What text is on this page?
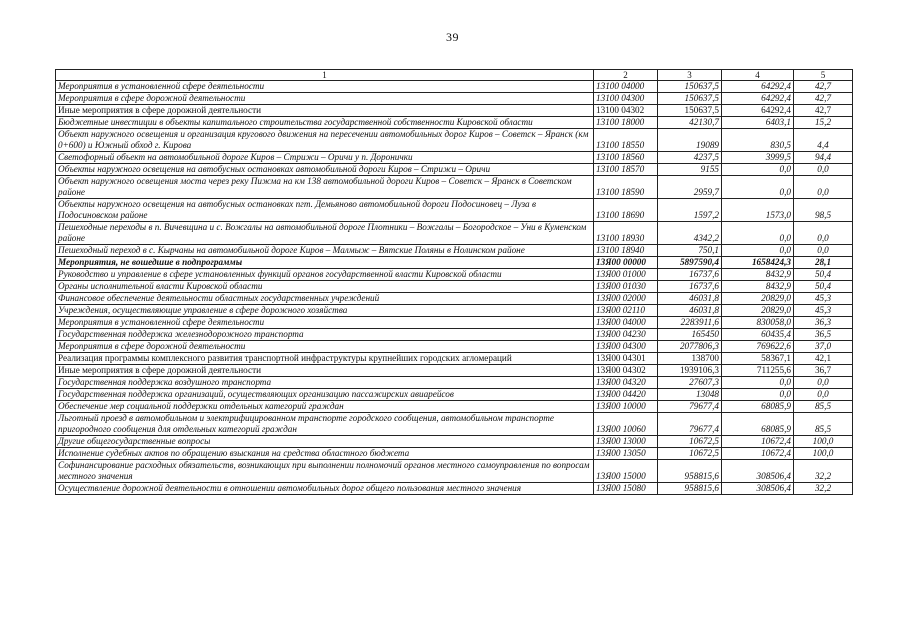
39
1	2	3	4	5
Мероприятия в установленной сфере деятельности	13100 04000	150637,5	64292,4	42,7
Мероприятия в сфере дорожной деятельности	13100 04300	150637,5	64292,4	42,7
Иные мероприятия в сфере дорожной деятельности	13100 04302	150637,5	64292,4	42,7
Бюджетные инвестиции в объекты капитального строительства государственной собственности Кировской области	13100 18000	42130,7	6403,1	15,2
Объект наружного освещения и организация кругового движения на пересечении автомобильных дорог Киров – Советск – Яранск (км 0+600) и Южный обход г. Кирова	13100 18550	19089	830,5	4,4
Светофорный объект на автомобильной дороге Киров – Стрижи – Оричи у п. Доронички	13100 18560	4237,5	3999,5	94,4
Объекты наружного освещения на автобусных остановках автомобильной дороги Киров – Стрижи – Оричи	13100 18570	9155	0,0	0,0
Объект наружного освещения моста через реку Пижма на км 138 автомобильной дороги Киров – Советск – Яранск в Советском районе	13100 18590	2959,7	0,0	0,0
Объекты наружного освещения на автобусных остановках пгт. Демьяново автомобильной дороги Подосиновец – Луза в Подосиновском районе	13100 18690	1597,2	1573,0	98,5
Пешеходные переходы в п. Вичевщина и с. Вожгалы на автомобильной дороге Плотники – Вожгалы – Богородское – Уни в Куменском районе	13100 18930	4342,2	0,0	0,0
Пешеходный переход в с. Кырчаны на автомобильной дороге Киров – Малмыж – Вятские Поляны в Нолинском районе	13100 18940	750,1	0,0	0,0
Мероприятия, не вошедшие в подпрограммы	13Я00 00000	5897590,4	1658424,3	28,1
Руководство и управление в сфере установленных функций органов государственной власти Кировской области	13Я00 01000	16737,6	8432,9	50,4
Органы исполнительной власти Кировской области	13Я00 01030	16737,6	8432,9	50,4
Финансовое обеспечение деятельности областных государственных учреждений	13Я00 02000	46031,8	20829,0	45,3
Учреждения, осуществляющие управление в сфере дорожного хозяйства	13Я00 02110	46031,8	20829,0	45,3
Мероприятия в установленной сфере деятельности	13Я00 04000	2283911,6	830058,0	36,3
Государственная поддержка железнодорожного транспорта	13Я00 04230	165450	60435,4	36,5
Мероприятия в сфере дорожной деятельности	13Я00 04300	2077806,3	769622,6	37,0
Реализация программы комплексного развития транспортной инфраструктуры крупнейших городских агломераций	13Я00 04301	138700	58367,1	42,1
Иные мероприятия в сфере дорожной деятельности	13Я00 04302	1939106,3	711255,6	36,7
Государственная поддержка воздушного транспорта	13Я00 04320	27607,3	0,0	0,0
Государственная поддержка организаций, осуществляющих организацию пассажирских авиарейсов	13Я00 04420	13048	0,0	0,0
Обеспечение мер социальной поддержки отдельных категорий граждан	13Я00 10000	79677,4	68085,9	85,5
Льготный проезд в автомобильном и электрифицированном транспорте городского сообщения, автомобильном транспорте пригородного сообщения для отдельных категорий граждан	13Я00 10060	79677,4	68085,9	85,5
Другие общегосударственные вопросы	13Я00 13000	10672,5	10672,4	100,0
Исполнение судебных актов по обращению взыскания на средства областного бюджета	13Я00 13050	10672,5	10672,4	100,0
Софинансирование расходных обязательств, возникающих при выполнении полномочий органов местного самоуправления по вопросам местного значения	13Я00 15000	958815,6	308506,4	32,2
Осуществление дорожной деятельности в отношении автомобильных дорог общего пользования местного значения	13Я00 15080	958815,6	308506,4	32,2
